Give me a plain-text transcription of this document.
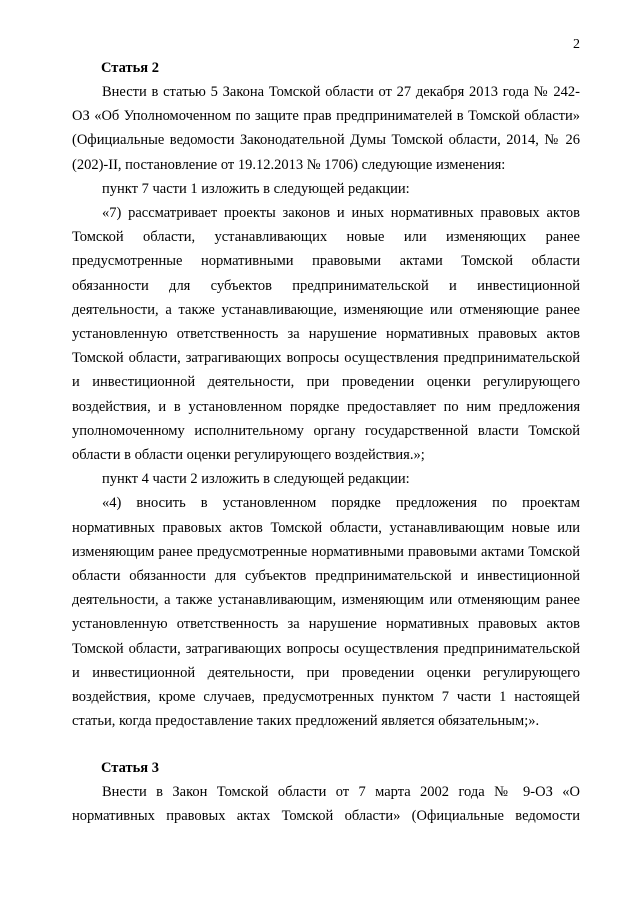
2
Статья 2

Внести в статью 5 Закона Томской области от 27 декабря 2013 года № 242-ОЗ «Об Уполномоченном по защите прав предпринимателей в Томской области» (Официальные ведомости Законодательной Думы Томской области, 2014, № 26 (202)-II, постановление от 19.12.2013 № 1706) следующие изменения:

пункт 7 части 1 изложить в следующей редакции:

«7) рассматривает проекты законов и иных нормативных правовых актов Томской области, устанавливающих новые или изменяющих ранее предусмотренные нормативными правовыми актами Томской области обязанности для субъектов предпринимательской и инвестиционной деятельности, а также устанавливающие, изменяющие или отменяющие ранее установленную ответственность за нарушение нормативных правовых актов Томской области, затрагивающих вопросы осуществления предпринимательской и инвестиционной деятельности, при проведении оценки регулирующего воздействия, и в установленном порядке предоставляет по ним предложения уполномоченному исполнительному органу государственной власти Томской области в области оценки регулирующего воздействия.»;

пункт 4 части 2 изложить в следующей редакции:

«4) вносить в установленном порядке предложения по проектам нормативных правовых актов Томской области, устанавливающим новые или изменяющим ранее предусмотренные нормативными правовыми актами Томской области обязанности для субъектов предпринимательской и инвестиционной деятельности, а также устанавливающим, изменяющим или отменяющим ранее установленную ответственность за нарушение нормативных правовых актов Томской области, затрагивающих вопросы осуществления предпринимательской и инвестиционной деятельности, при проведении оценки регулирующего воздействия, кроме случаев, предусмотренных пунктом 7 части 1 настоящей статьи, когда предоставление таких предложений является обязательным;».

Статья 3

Внести в Закон Томской области от 7 марта 2002 года № 9-ОЗ «О нормативных правовых актах Томской области» (Официальные ведомости
